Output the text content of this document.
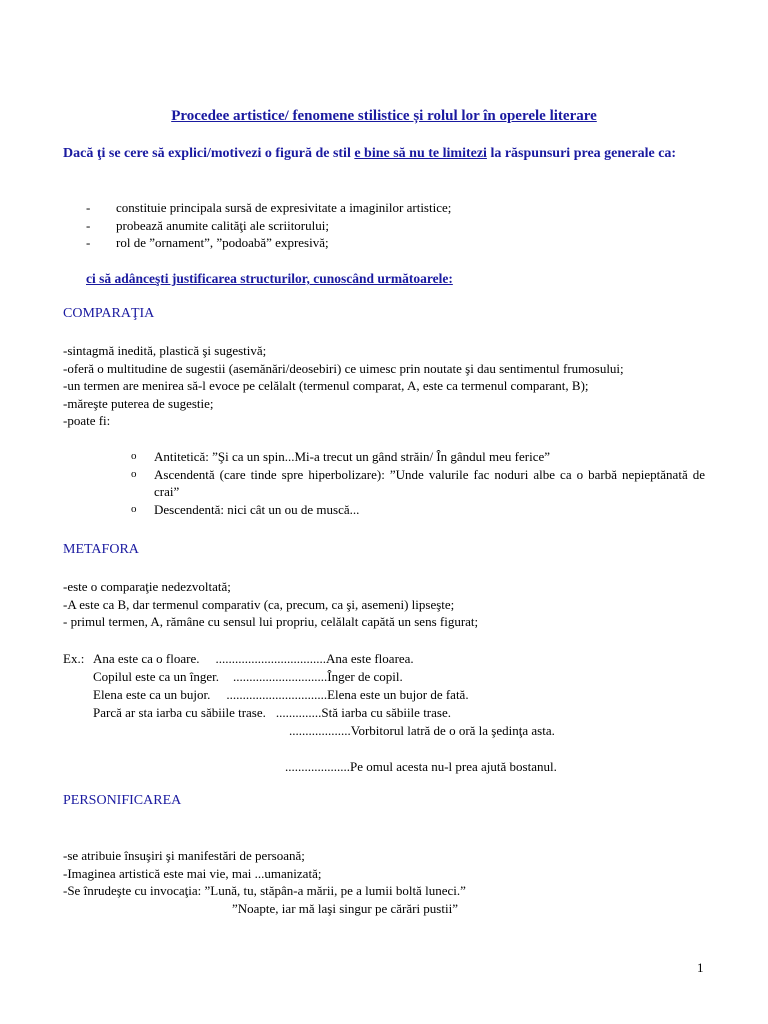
Procedee artistice/ fenomene stilistice și rolul lor în operele literare
Dacă ţi se cere să explici/motivezi o figură de stil e bine să nu te limitezi la răspunsuri prea generale ca:
- constituie principala sursă de expresivitate a imaginilor artistice;
- probează anumite calităţi ale scriitorului;
- rol de ”ornament”, ”podoabă” expresivă;
ci să adânceşti justificarea structurilor, cunoscând următoarele:
COMPARAŢIA
-sintagmă inedită, plastică şi sugestivă;
-oferă o multitudine de sugestii (asemănări/deosebiri) ce uimesc prin noutate şi dau sentimentul frumosului;
-un termen are menirea să-l evoce pe celălalt (termenul comparat, A, este ca termenul comparant, B);
-măreşte puterea de sugestie;
-poate fi:
o Antitetică: ”Şi ca un spin...Mi-a trecut un gând străin/ În gândul meu ferice”
o Ascendentă (care tinde spre hiperbolizare): ”Unde valurile fac noduri albe ca o barbă nepieptănată de crai”
o Descendentă: nici cât un ou de muscă...
METAFORA
-este o comparaţie nedezvoltată;
-A este ca B, dar termenul comparativ (ca, precum, ca şi, asemeni) lipseşte;
- primul termen, A, rămâne cu sensul lui propriu, celălalt capătă un sens figurat;
Ex.: Ana este ca o floare. ..................................Ana este floarea.
Copilul este ca un înger. .............................Înger de copil.
Elena este ca un bujor. ...............................Elena este un bujor de fată.
Parcă ar sta iarba cu săbiile trase. ..............Stă iarba cu săbiile trase.
...................Vorbitorul latră de o oră la şedinţa asta.
....................Pe omul acesta nu-l prea ajută bostanul.
PERSONIFICAREA
-se atribuie însuşiri şi manifestări de persoană;
-Imaginea artistică este mai vie, mai ...umanizată;
-Se înrudeşte cu invocaţia: ”Lună, tu, stăpân-a mării, pe a lumii boltă luneci.”
”Noapte, iar mă laşi singur pe cărări pustii”
1
